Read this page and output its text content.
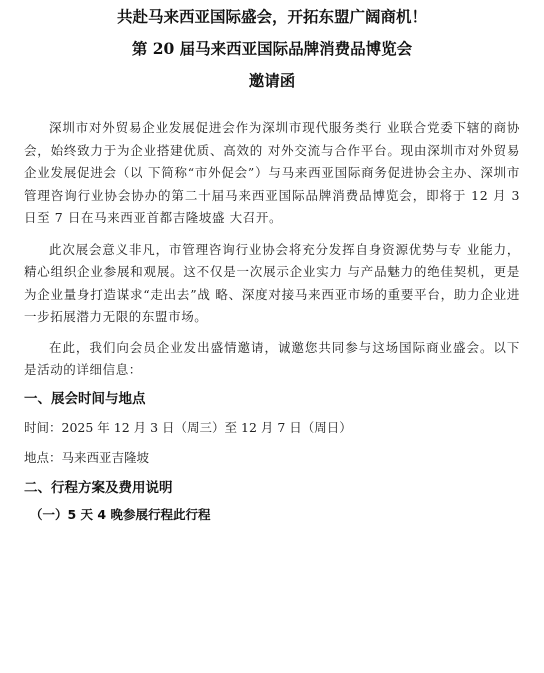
共赴马来西亚国际盛会，开拓东盟广阔商机！

第 20 届马来西亚国际品牌消费品博览会

邀请函

深圳市对外贸易企业发展促进会作为深圳市现代服务类行 业联合党委下辖的商协会，始终致力于为企业搭建优质、高效的 对外交流与合作平台。现由深圳市对外贸易企业发展促进会（以 下简称“市外促会”）与马来西亚国际商务促进协会主办、深圳市管理咨询行业协会协办的第二十届马来西亚国际品牌消费品博览会，即将于 12 月 3 日至 7 日在马来西亚首都吉隆坡盛 大召开。

此次展会意义非凡，市管理咨询行业协会将充分发挥自身资源优势与专 业能力，精心组织企业参展和观展。这不仅是一次展示企业实力 与产品魅力的绝佳契机，更是为企业量身打造谋求“走出去”战 略、深度对接马来西亚市场的重要平台，助力企业进一步拓展潜力无限的东盟市场。

在此，我们向会员企业发出盛情邀请，诚邀您共同参与这场国际商业盛会。以下是活动的详细信息：

一、展会时间与地点

时间：2025 年 12 月 3 日（周三）至 12 月 7 日（周日）

地点：马来西亚吉隆坡

二、行程方案及费用说明

（一）5 天 4 晚参展行程此行程
